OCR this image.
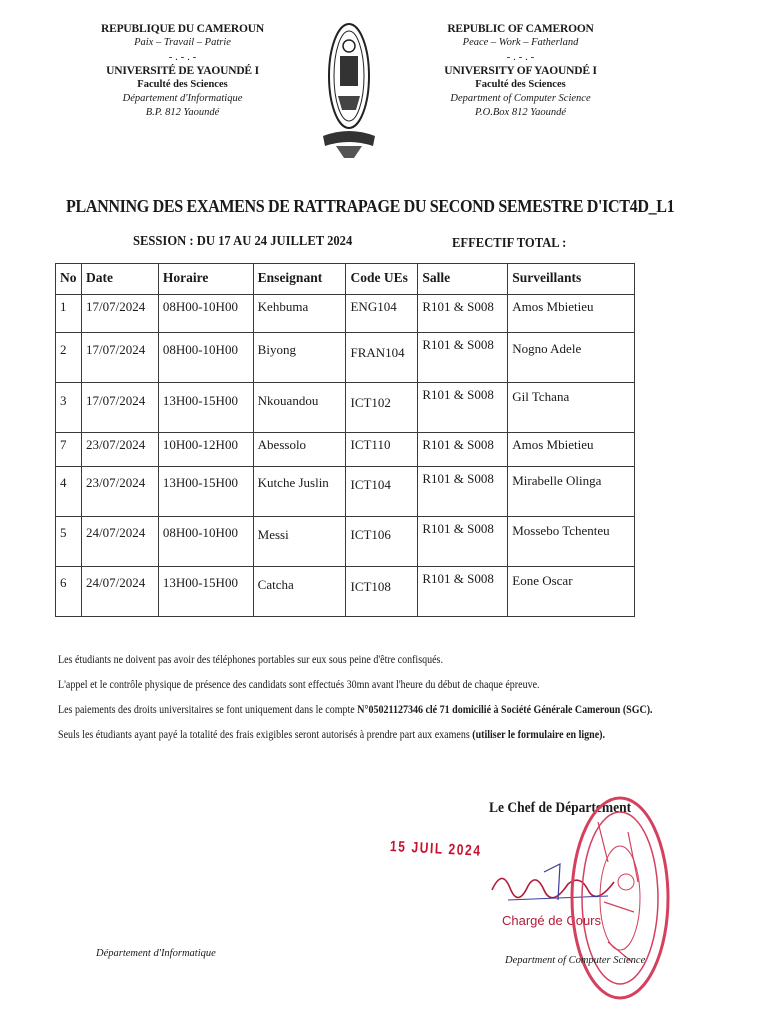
REPUBLIQUE DU CAMEROUN
Paix – Travail – Patrie
- . - . -
UNIVERSITÉ DE YAOUNDÉ I
Faculté des Sciences
Département d'Informatique
B.P. 812 Yaoundé
REPUBLIC OF CAMEROON
Peace – Work – Fatherland
- . - . -
UNIVERSITY OF YAOUNDÉ I
Faculté des Sciences
Department of Computer Science
P.O.Box 812 Yaoundé
PLANNING DES EXAMENS DE RATTRAPAGE DU SECOND SEMESTRE D'ICT4D_L1
SESSION : DU 17 AU 24 JUILLET 2024	EFFECTIF TOTAL :
No	Date	Horaire	Enseignant	Code UEs	Salle	Surveillants
1	17/07/2024	08H00-10H00	Kehbuma	ENG104	R101 & S008	Amos Mbietieu
2	17/07/2024	08H00-10H00	Biyong	FRAN104	R101 & S008	Nogno Adele
3	17/07/2024	13H00-15H00	Nkouandou	ICT102	R101 & S008	Gil Tchana
7	23/07/2024	10H00-12H00	Abessolo	ICT110	R101 & S008	Amos Mbietieu
4	23/07/2024	13H00-15H00	Kutche Juslin	ICT104	R101 & S008	Mirabelle Olinga
5	24/07/2024	08H00-10H00	Messi	ICT106	R101 & S008	Mossebo Tchenteu
6	24/07/2024	13H00-15H00	Catcha	ICT108	R101 & S008	Eone Oscar
Les étudiants ne doivent pas avoir des téléphones portables sur eux sous peine d'être confisqués.
L'appel et le contrôle physique de présence des candidats sont effectués 30mn avant l'heure du début de chaque épreuve.
Les paiements des droits universitaires se font uniquement dans le compte N°05021127346 clé 71 domicilié à Société Générale Cameroun (SGC).
Seuls les étudiants ayant payé la totalité des frais exigibles seront autorisés à prendre part aux examens (utiliser le formulaire en ligne).
Le Chef de Département
15 JUIL 2024
Chargé de Cours
Département d'Informatique
Department of Computer Science
